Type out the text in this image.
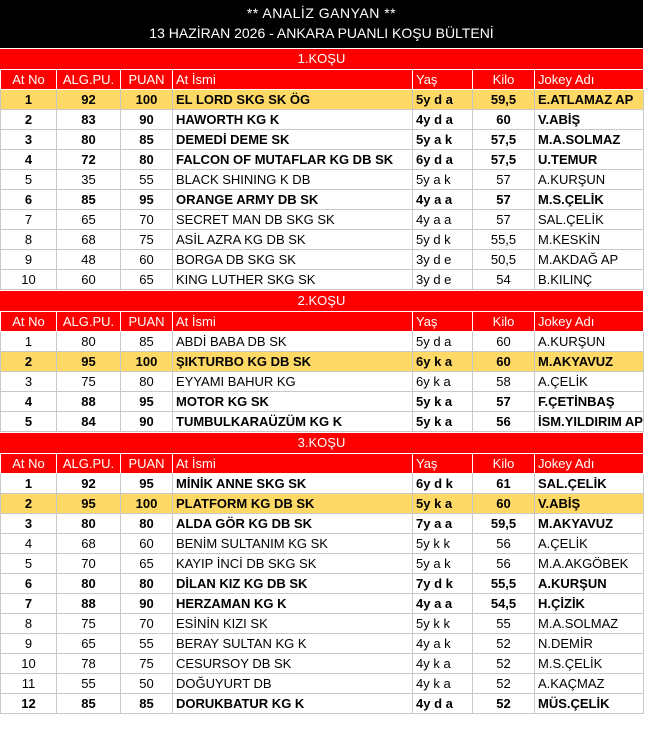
** ANALİZ GANYAN **
13 HAZİRAN 2026 - ANKARA PUANLI KOŞU BÜLTENİ
1.KOŞU
At No	ALG.PU.	PUAN	At İsmi	Yaş	Kilo	Jokey Adı
1	92	100	EL LORD SKG SK ÖG	5y d a	59,5	E.ATLAMAZ AP
2	83	90	HAWORTH KG K	4y d a	60	V.ABİŞ
3	80	85	DEMEDİ DEME SK	5y a k	57,5	M.A.SOLMAZ
4	72	80	FALCON OF MUTAFLAR KG DB SK	6y d a	57,5	U.TEMUR
5	35	55	BLACK SHINING K DB	5y a k	57	A.KURŞUN
6	85	95	ORANGE ARMY DB SK	4y a a	57	M.S.ÇELİK
7	65	70	SECRET MAN DB SKG SK	4y a a	57	SAL.ÇELİK
8	68	75	ASİL AZRA KG DB SK	5y d k	55,5	M.KESKİN
9	48	60	BORGA DB SKG SK	3y d e	50,5	M.AKDAĞ AP
10	60	65	KING LUTHER SKG SK	3y d e	54	B.KILINÇ
2.KOŞU
At No	ALG.PU.	PUAN	At İsmi	Yaş	Kilo	Jokey Adı
1	80	85	ABDİ BABA DB SK	5y d a	60	A.KURŞUN
2	95	100	ŞIKTURBO KG DB SK	6y k a	60	M.AKYAVUZ
3	75	80	EYYAMI BAHUR KG	6y k a	58	A.ÇELİK
4	88	95	MOTOR KG SK	5y k a	57	F.ÇETİNBAŞ
5	84	90	TUMBULKARAÜZÜM KG K	5y k a	56	İSM.YILDIRIM AP
3.KOŞU
At No	ALG.PU.	PUAN	At İsmi	Yaş	Kilo	Jokey Adı
1	92	95	MİNİK ANNE SKG SK	6y d k	61	SAL.ÇELİK
2	95	100	PLATFORM KG DB SK	5y k a	60	V.ABİŞ
3	80	80	ALDA GÖR KG DB SK	7y a a	59,5	M.AKYAVUZ
4	68	60	BENİM SULTANIM KG SK	5y k k	56	A.ÇELİK
5	70	65	KAYIP İNCİ DB SKG SK	5y a k	56	M.A.AKGÖBEK
6	80	80	DİLAN KIZ KG DB SK	7y d k	55,5	A.KURŞUN
7	88	90	HERZAMAN KG K	4y a a	54,5	H.ÇİZİK
8	75	70	ESİNİN KIZI SK	5y k k	55	M.A.SOLMAZ
9	65	55	BERAY SULTAN KG K	4y a k	52	N.DEMİR
10	78	75	CESURSOY DB SK	4y k a	52	M.S.ÇELİK
11	55	50	DOĞUYURT DB	4y k a	52	A.KAÇMAZ
12	85	85	DORUKBATUR KG K	4y d a	52	MÜS.ÇELİK
